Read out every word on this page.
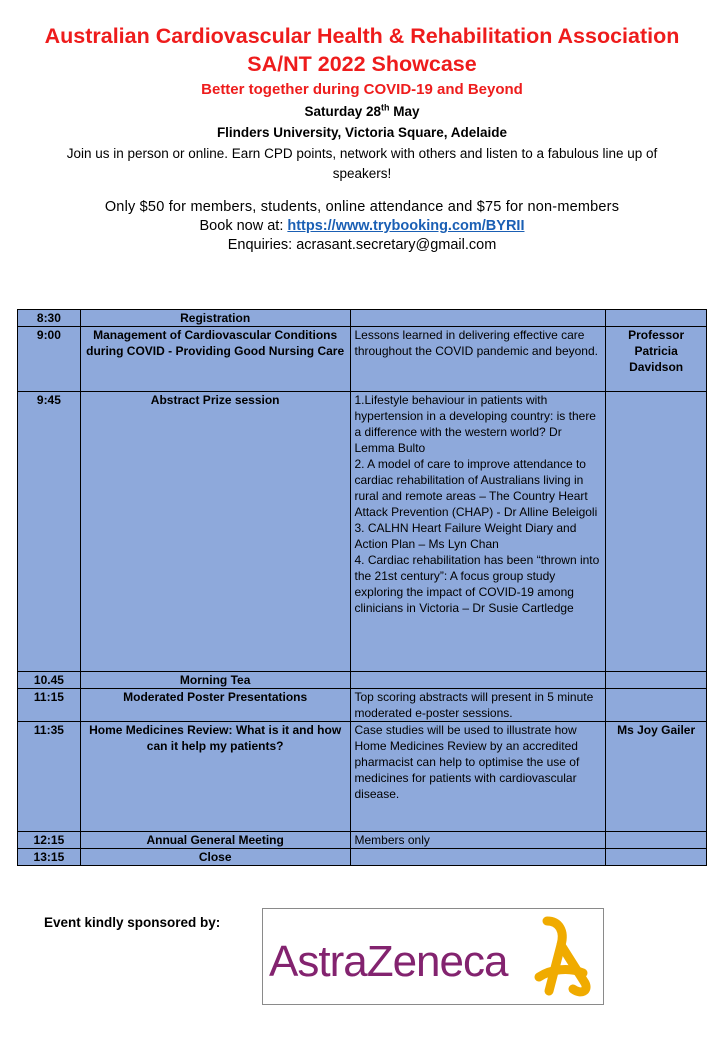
Australian Cardiovascular Health & Rehabilitation Association SA/NT 2022 Showcase
Better together during COVID-19 and Beyond
Saturday 28th May
Flinders University, Victoria Square, Adelaide
Join us in person or online. Earn CPD points, network with others and listen to a fabulous line up of speakers!
Only $50 for members, students, online attendance and $75 for non-members
Book now at: https://www.trybooking.com/BYRII
Enquiries: acrasant.secretary@gmail.com
8:30	Registration		
9:00	Management of Cardiovascular Conditions during COVID - Providing Good Nursing Care	Lessons learned in delivering effective care throughout the COVID pandemic and beyond.	Professor Patricia Davidson
9:45	Abstract Prize session	1.Lifestyle behaviour in patients with hypertension in a developing country: is there a difference with the western world? Dr Lemma Bulto
2. A model of care to improve attendance to cardiac rehabilitation of Australians living in rural and remote areas – The Country Heart Attack Prevention (CHAP) - Dr Alline Beleigoli
3. CALHN Heart Failure Weight Diary and Action Plan – Ms Lyn Chan
4. Cardiac rehabilitation has been “thrown into the 21st century”: A focus group study exploring the impact of COVID-19 among clinicians in Victoria – Dr Susie Cartledge	
10.45	Morning Tea		
11:15	Moderated Poster Presentations	Top scoring abstracts will present in 5 minute moderated e-poster sessions.	
11:35	Home Medicines Review: What is it and how can it help my patients?	Case studies will be used to illustrate how Home Medicines Review by an accredited pharmacist can help to optimise the use of medicines for patients with cardiovascular disease.	Ms Joy Gailer
12:15	Annual General Meeting	Members only	
13:15	Close		
Event kindly sponsored by:
AstraZeneca
